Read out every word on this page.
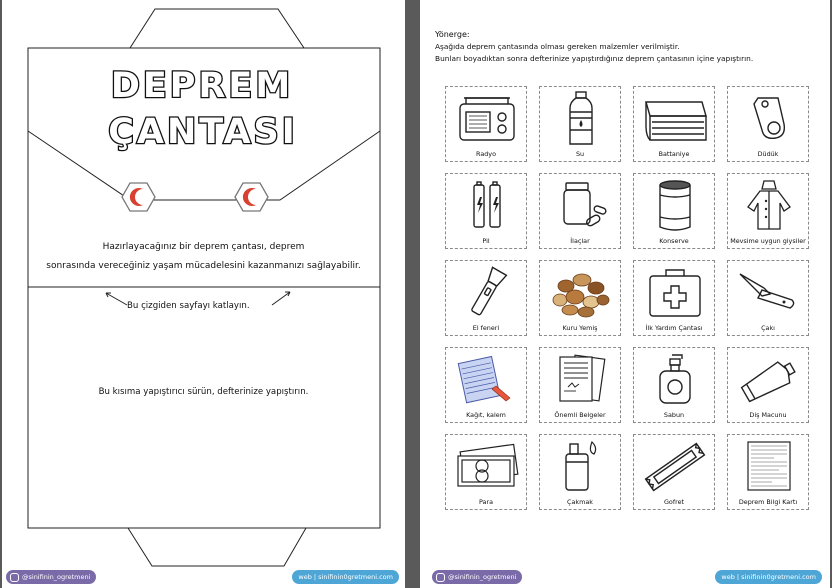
DEPREM
ÇANTASI
Hazırlayacağınız bir deprem çantası, deprem
sonrasında vereceğiniz yaşam mücadelesini kazanmanızı sağlayabilir.
Bu çizgiden sayfayı katlayın.
Bu kısıma yapıştırıcı sürün, defterinize yapıştırın.
@sinifinin_ogretmeni	web | sinifinin0gretmeni.com
Yönerge:
Aşağıda deprem çantasında olması gereken malzemler verilmiştir.
Bunları boyadıktan sonra defterinize yapıştırdığınız deprem çantasının içine yapıştırın.
Radyo	Su	Battaniye	Düdük
Pil	İlaçlar	Konserve	Mevsime uygun giysiler
El feneri	Kuru Yemiş	İlk Yardım Çantası	Çakı
Kağıt, kalem	Önemli Belgeler	Sabun	Diş Macunu
Para	Çakmak	Gofret	Deprem Bilgi Kartı
@sinifinin_ogretmeni	web | sinifinin0gretmeni.com
